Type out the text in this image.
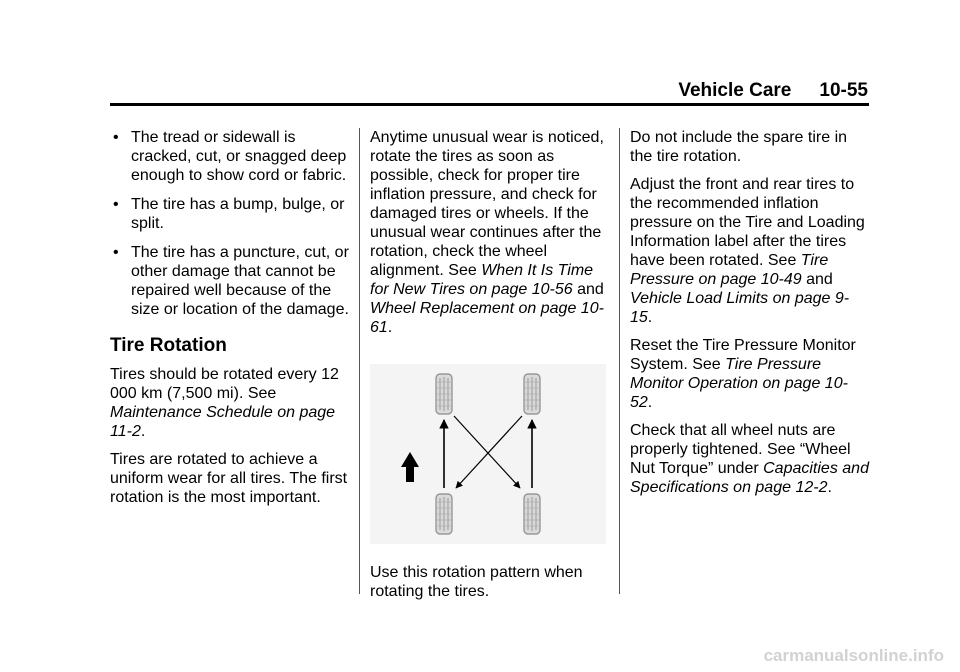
Vehicle Care 10-55
• The tread or sidewall is cracked, cut, or snagged deep enough to show cord or fabric.
• The tire has a bump, bulge, or split.
• The tire has a puncture, cut, or other damage that cannot be repaired well because of the size or location of the damage.
Tire Rotation

Tires should be rotated every 12 000 km (7,500 mi). See Maintenance Schedule on page 11-2.

Tires are rotated to achieve a uniform wear for all tires. The first rotation is the most important.

Anytime unusual wear is noticed, rotate the tires as soon as possible, check for proper tire inflation pressure, and check for damaged tires or wheels. If the unusual wear continues after the rotation, check the wheel alignment. See When It Is Time for New Tires on page 10-56 and Wheel Replacement on page 10-61.

Use this rotation pattern when rotating the tires.

Do not include the spare tire in the tire rotation.

Adjust the front and rear tires to the recommended inflation pressure on the Tire and Loading Information label after the tires have been rotated. See Tire Pressure on page 10-49 and Vehicle Load Limits on page 9-15.

Reset the Tire Pressure Monitor System. See Tire Pressure Monitor Operation on page 10-52.

Check that all wheel nuts are properly tightened. See “Wheel Nut Torque” under Capacities and Specifications on page 12-2.

carmanualsonline.info
